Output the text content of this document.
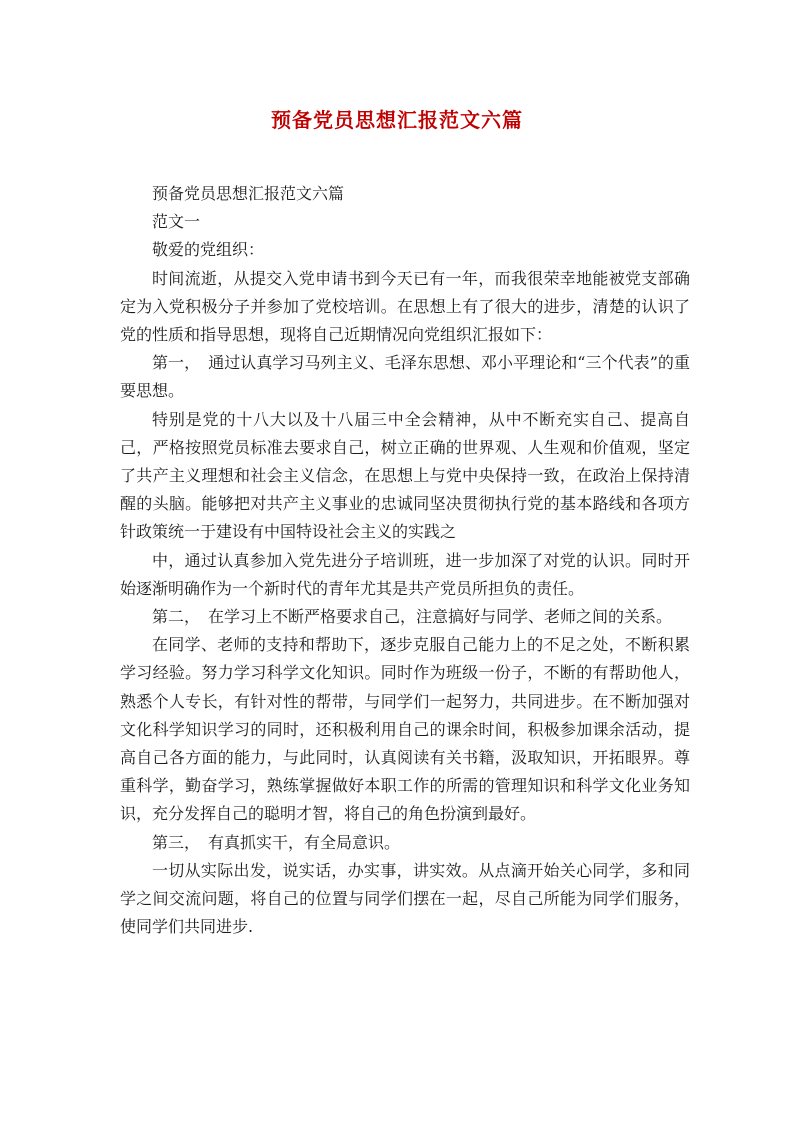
预备党员思想汇报范文六篇

预备党员思想汇报范文六篇

范文一

敬爱的党组织：

时间流逝，从提交入党申请书到今天已有一年，而我很荣幸地能被党支部确定为入党积极分子并参加了党校培训。在思想上有了很大的进步，清楚的认识了党的性质和指导思想，现将自己近期情况向党组织汇报如下：

第一，　通过认真学习马列主义、毛泽东思想、邓小平理论和“三个代表”的重要思想。

特别是党的十八大以及十八届三中全会精神，从中不断充实自己、提高自己，严格按照党员标准去要求自己，树立正确的世界观、人生观和价值观，坚定了共产主义理想和社会主义信念，在思想上与党中央保持一致，在政治上保持清醒的头脑。能够把对共产主义事业的忠诚同坚决贯彻执行党的基本路线和各项方针政策统一于建设有中国特设社会主义的实践之

中，通过认真参加入党先进分子培训班，进一步加深了对党的认识。同时开始逐渐明确作为一个新时代的青年尤其是共产党员所担负的责任。

第二，　在学习上不断严格要求自己，注意搞好与同学、老师之间的关系。

在同学、老师的支持和帮助下，逐步克服自己能力上的不足之处，不断积累学习经验。努力学习科学文化知识。同时作为班级一份子，不断的有帮助他人，熟悉个人专长，有针对性的帮带，与同学们一起努力，共同进步。在不断加强对文化科学知识学习的同时，还积极利用自己的课余时间，积极参加课余活动，提高自己各方面的能力，与此同时，认真阅读有关书籍，汲取知识，开拓眼界。尊重科学，勤奋学习，熟练掌握做好本职工作的所需的管理知识和科学文化业务知识，充分发挥自己的聪明才智，将自己的角色扮演到最好。

第三，　有真抓实干，有全局意识。

一切从实际出发，说实话，办实事，讲实效。从点滴开始关心同学，多和同学之间交流问题，将自己的位置与同学们摆在一起，尽自己所能为同学们服务，使同学们共同进步.
